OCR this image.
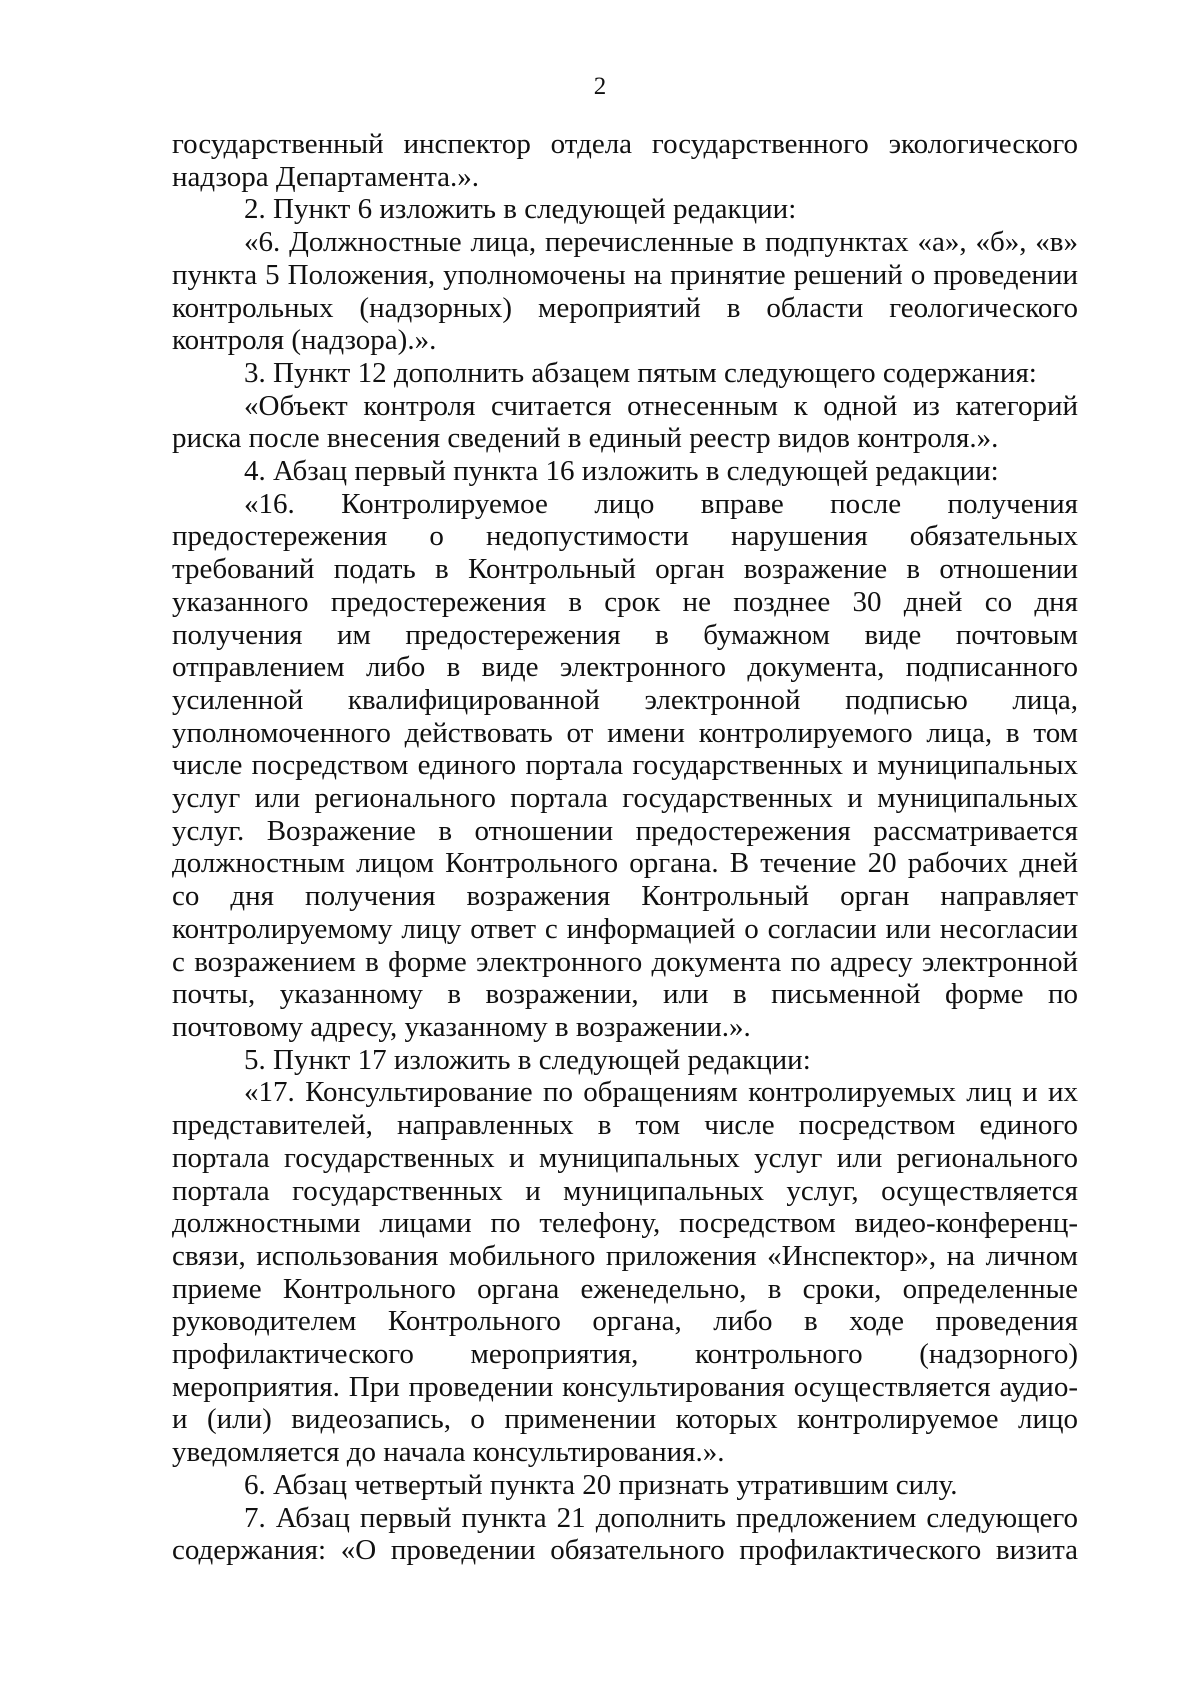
2

государственный инспектор отдела государственного экологического надзора Департамента.».

2. Пункт 6 изложить в следующей редакции:

«6. Должностные лица, перечисленные в подпунктах «а», «б», «в» пункта 5 Положения, уполномочены на принятие решений о проведении контрольных (надзорных) мероприятий в области геологического контроля (надзора).».

3. Пункт 12 дополнить абзацем пятым следующего содержания:

«Объект контроля считается отнесенным к одной из категорий риска после внесения сведений в единый реестр видов контроля.».

4. Абзац первый пункта 16 изложить в следующей редакции:

«16. Контролируемое лицо вправе после получения предостережения о недопустимости нарушения обязательных требований подать в Контрольный орган возражение в отношении указанного предостережения в срок не позднее 30 дней со дня получения им предостережения в бумажном виде почтовым отправлением либо в виде электронного документа, подписанного усиленной квалифицированной электронной подписью лица, уполномоченного действовать от имени контролируемого лица, в том числе посредством единого портала государственных и муниципальных услуг или регионального портала государственных и муниципальных услуг. Возражение в отношении предостережения рассматривается должностным лицом Контрольного органа. В течение 20 рабочих дней со дня получения возражения Контрольный орган направляет контролируемому лицу ответ с информацией о согласии или несогласии с возражением в форме электронного документа по адресу электронной почты, указанному в возражении, или в письменной форме по почтовому адресу, указанному в возражении.».

5. Пункт 17 изложить в следующей редакции:

«17. Консультирование по обращениям контролируемых лиц и их представителей, направленных в том числе посредством единого портала государственных и муниципальных услуг или регионального портала государственных и муниципальных услуг, осуществляется должностными лицами по телефону, посредством видео-конференц-связи, использования мобильного приложения «Инспектор», на личном приеме Контрольного органа еженедельно, в сроки, определенные руководителем Контрольного органа, либо в ходе проведения профилактического мероприятия, контрольного (надзорного) мероприятия. При проведении консультирования осуществляется аудио- и (или) видеозапись, о применении которых контролируемое лицо уведомляется до начала консультирования.».

6. Абзац четвертый пункта 20 признать утратившим силу.

7. Абзац первый пункта 21 дополнить предложением следующего содержания: «О проведении обязательного профилактического визита
